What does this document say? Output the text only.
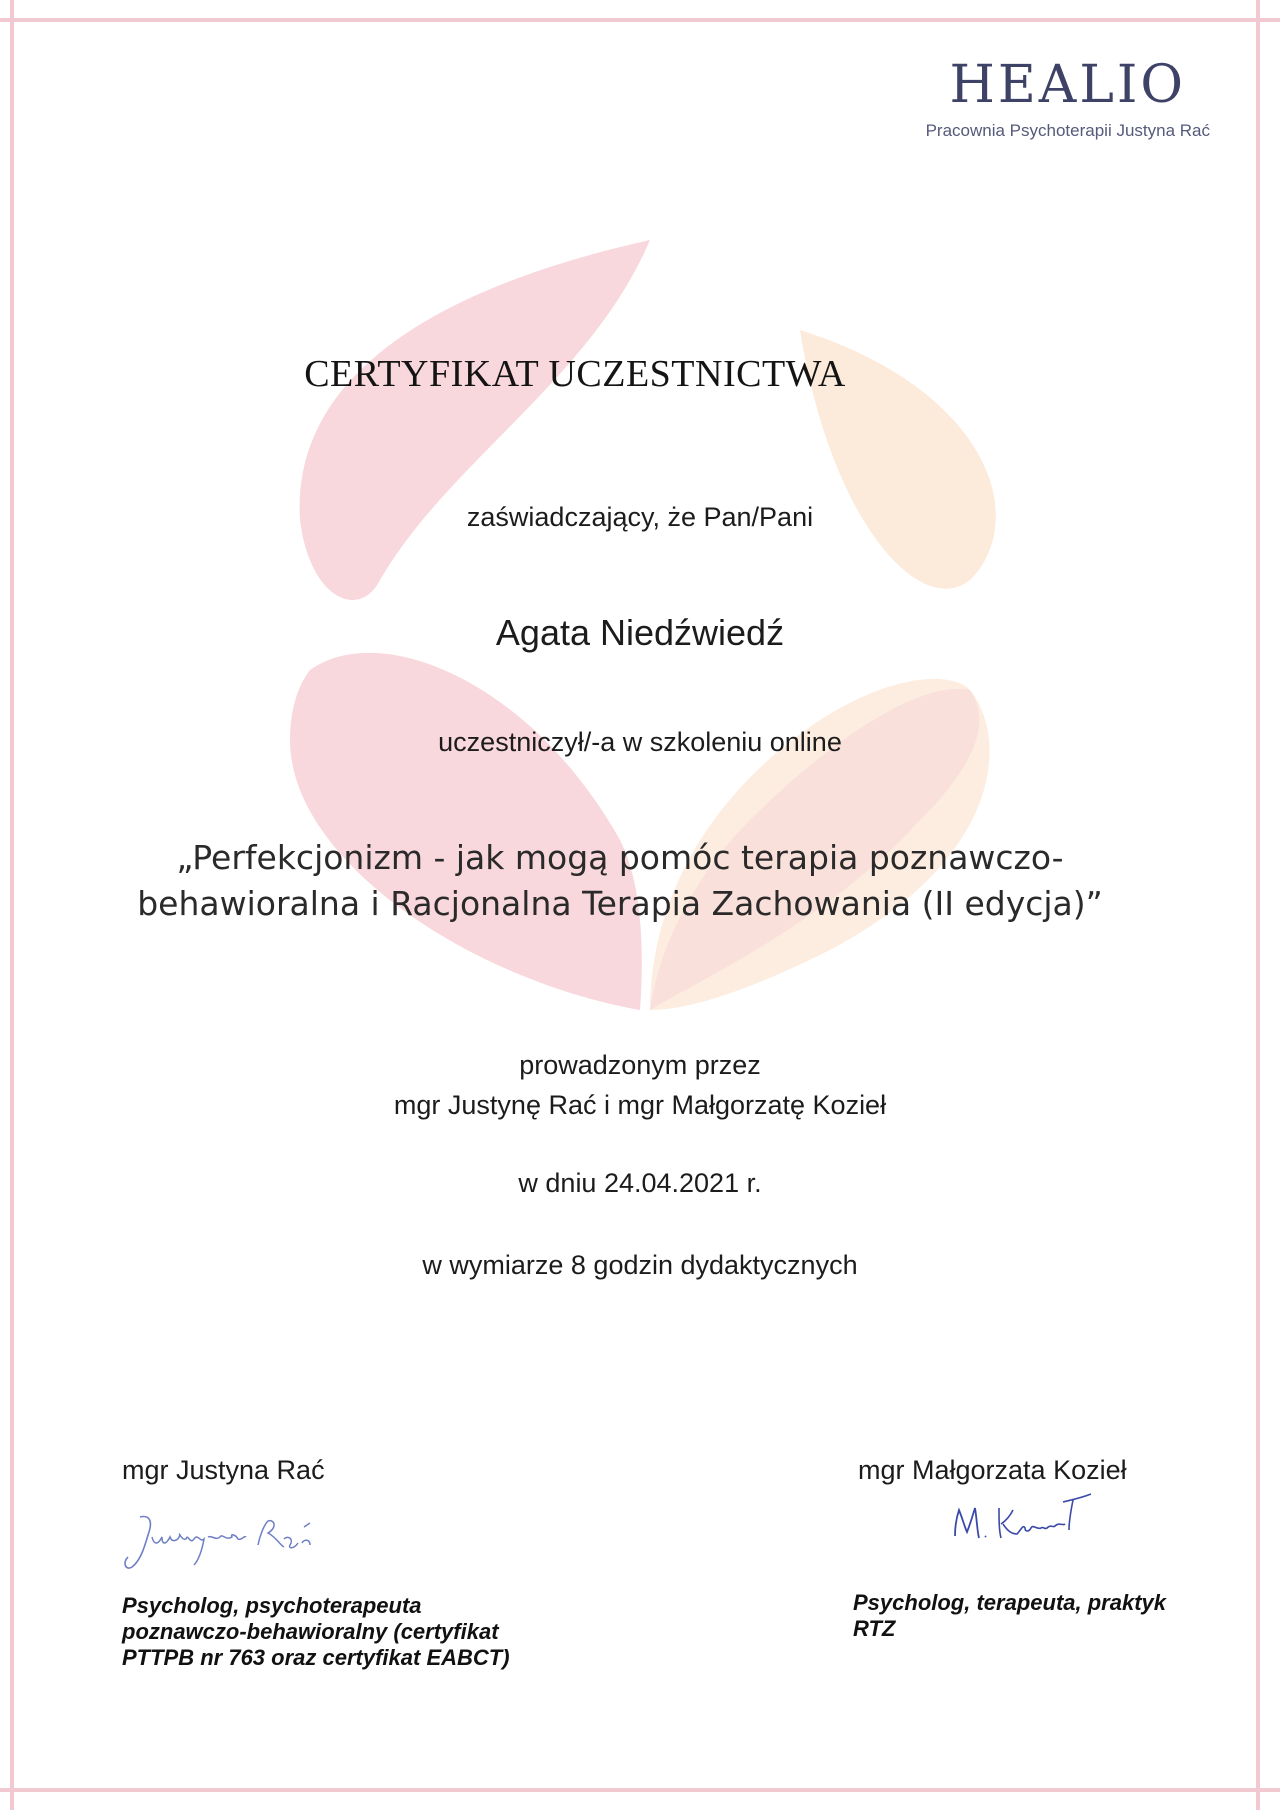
HEALIO
Pracownia Psychoterapii Justyna Rać
CERTYFIKAT UCZESTNICTWA
zaświadczający, że Pan/Pani
Agata Niedźwiedź
uczestniczył/-a w szkoleniu online
„Perfekcjonizm - jak mogą pomóc terapia poznawczo-
behawioralna i Racjonalna Terapia Zachowania (II edycja)”
prowadzonym przez
mgr Justynę Rać i mgr Małgorzatę Kozieł
w dniu 24.04.2021 r.
w wymiarze 8 godzin dydaktycznych
mgr Justyna Rać	mgr Małgorzata Kozieł
Justyna Rać
M. Kozieł
Psycholog, psychoterapeuta
poznawczo-behawioralny (certyfikat
PTTPB nr 763 oraz certyfikat EABCT)
Psycholog, terapeuta, praktyk
RTZ
